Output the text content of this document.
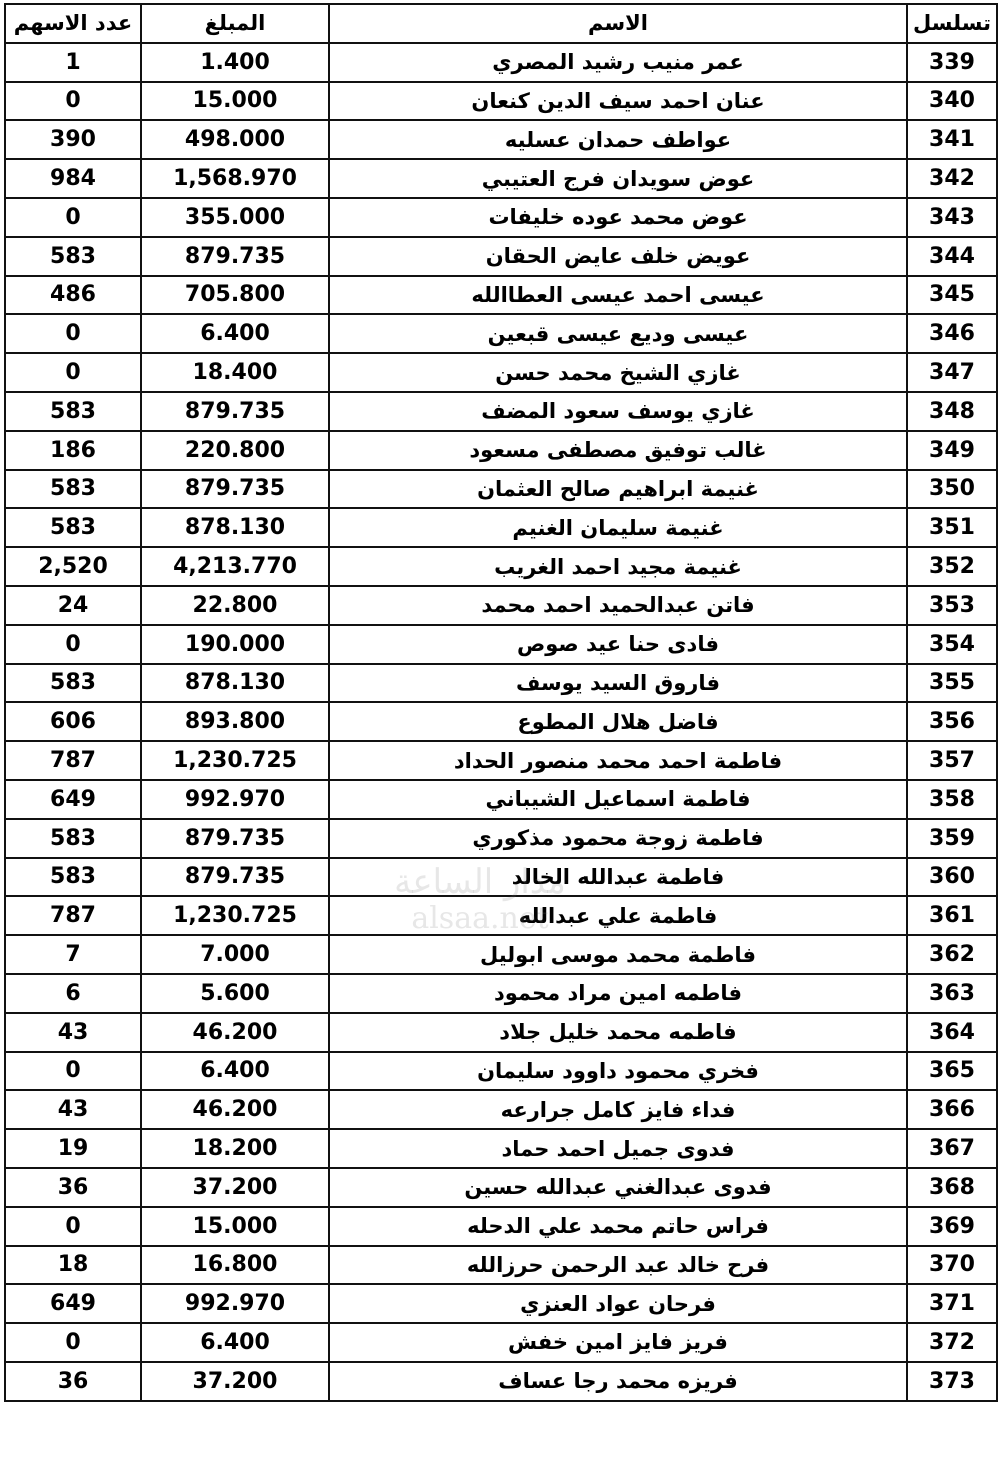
عدد الاسهم	المبلغ	الاسم	تسلسل
1	1.400	عمر منيب رشيد المصري	339
0	15.000	عنان احمد سيف الدين كنعان	340
390	498.000	عواطف حمدان عسليه	341
984	1,568.970	عوض سويدان فرج العتيبي	342
0	355.000	عوض محمد عوده خليفات	343
583	879.735	عويض خلف عايض الحقان	344
486	705.800	عيسى احمد عيسى العطاالله	345
0	6.400	عيسى وديع عيسى قبعين	346
0	18.400	غازي الشيخ محمد حسن	347
583	879.735	غازي يوسف سعود المضف	348
186	220.800	غالب توفيق مصطفى مسعود	349
583	879.735	غنيمة ابراهيم صالح العثمان	350
583	878.130	غنيمة سليمان الغنيم	351
2,520	4,213.770	غنيمة مجيد احمد الغريب	352
24	22.800	فاتن عبدالحميد احمد محمد	353
0	190.000	فادى حنا عيد صوص	354
583	878.130	فاروق السيد يوسف	355
606	893.800	فاضل هلال المطوع	356
787	1,230.725	فاطمة احمد محمد منصور الحداد	357
649	992.970	فاطمة اسماعيل الشيباني	358
583	879.735	فاطمة زوجة محمود مذكوري	359
583	879.735	فاطمة عبدالله الخالد	360
787	1,230.725	فاطمة علي عبدالله	361
7	7.000	فاطمة محمد موسى ابوليل	362
6	5.600	فاطمه امين مراد محمود	363
43	46.200	فاطمه محمد خليل جلاد	364
0	6.400	فخري محمود داوود سليمان	365
43	46.200	فداء فايز كامل جرارعه	366
19	18.200	فدوى جميل احمد حماد	367
36	37.200	فدوى عبدالغني عبدالله حسين	368
0	15.000	فراس حاتم محمد علي الدحله	369
18	16.800	فرح خالد عبد الرحمن حرزالله	370
649	992.970	فرحان عواد العنزي	371
0	6.400	فريز فايز امين خفش	372
36	37.200	فريزه محمد رجا عساف	373
مدار الساعة
alsaa.net
